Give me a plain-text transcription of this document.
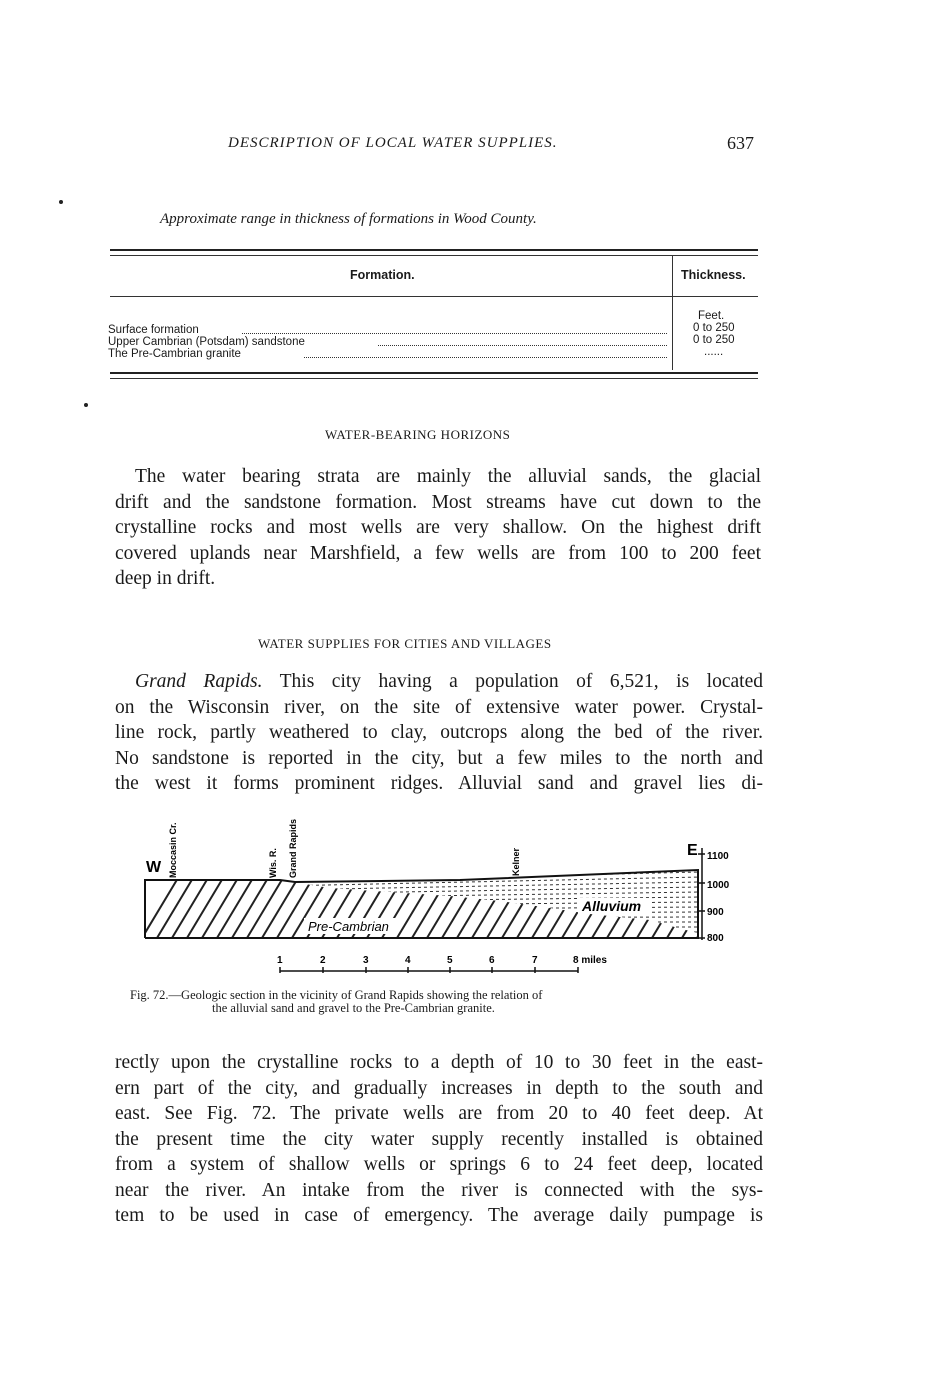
DESCRIPTION OF LOCAL WATER SUPPLIES.	637
Approximate range in thickness of formations in Wood County.
Formation.	Thickness.
Feet.
Surface formation	0 to 250
Upper Cambrian (Potsdam) sandstone	0 to 250
The Pre-Cambrian granite	......
WATER-BEARING HORIZONS
The water bearing strata are mainly the alluvial sands, the glacial
drift and the sandstone formation. Most streams have cut down to the
crystalline rocks and most wells are very shallow. On the highest drift
covered uplands near Marshfield, a few wells are from 100 to 200 feet
deep in drift.
WATER SUPPLIES FOR CITIES AND VILLAGES
Grand Rapids. This city having a population of 6,521, is located
on the Wisconsin river, on the site of extensive water power. Crystal-
line rock, partly weathered to clay, outcrops along the bed of the river.
No sandstone is reported in the city, but a few miles to the north and
the west it forms prominent ridges. Alluvial sand and gravel lies di-
1100
1000
900
800
W
E
Moccasin Cr.	Wis. R. Grand Rapids	Kelner
Alluvium
Pre-Cambrian
1	2	3	4	5	6	7	8 miles
Fig. 72.—Geologic section in the vicinity of Grand Rapids showing the relation of
the alluvial sand and gravel to the Pre-Cambrian granite.
rectly upon the crystalline rocks to a depth of 10 to 30 feet in the east-
ern part of the city, and gradually increases in depth to the south and
east. See Fig. 72. The private wells are from 20 to 40 feet deep. At
the present time the city water supply recently installed is obtained
from a system of shallow wells or springs 6 to 24 feet deep, located
near the river. An intake from the river is connected with the sys-
tem to be used in case of emergency. The average daily pumpage is
